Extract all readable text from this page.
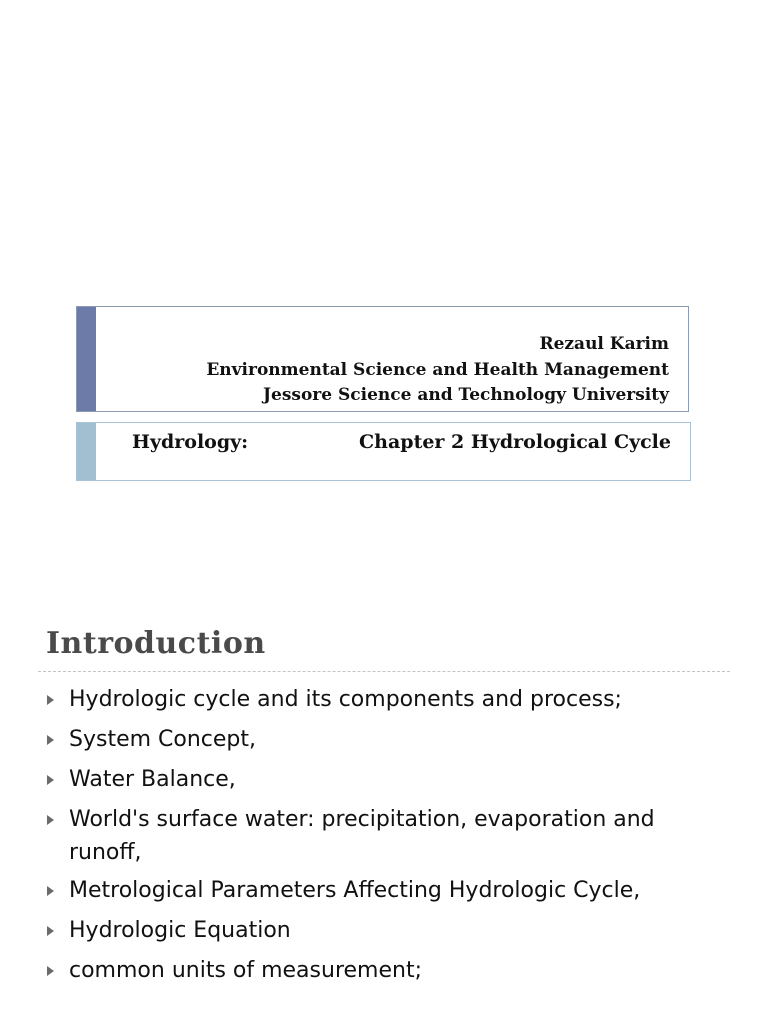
Rezaul Karim
Environmental Science and Health Management
Jessore Science and Technology University
Hydrology:	Chapter 2 Hydrological Cycle
Introduction
Hydrologic cycle and its components and process;
System Concept,
Water Balance,
World's surface water: precipitation, evaporation and runoff,
Metrological Parameters Affecting Hydrologic Cycle,
Hydrologic Equation
common units of measurement;
